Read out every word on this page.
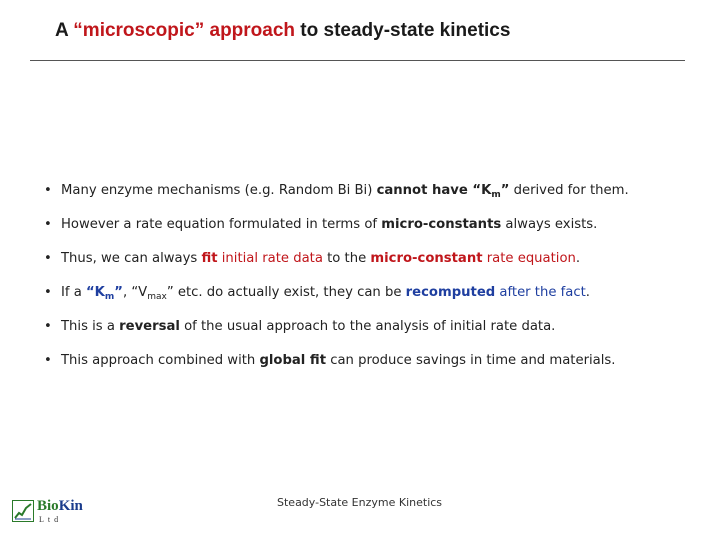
A “microscopic” approach to steady-state kinetics
• Many enzyme mechanisms (e.g. Random Bi Bi) cannot have “$K_m$” derived for them.
• However a rate equation formulated in terms of micro-constants always exists.
• Thus, we can always fit initial rate data to the micro-constant rate equation.
• If a “$K_m$”, “$V_{max}$” etc. do actually exist, they can be recomputed after the fact.
• This is a reversal of the usual approach to the analysis of initial rate data.
• This approach combined with global fit can produce savings in time and materials.
BioKin
Ltd
Steady-State Enzyme Kinetics
